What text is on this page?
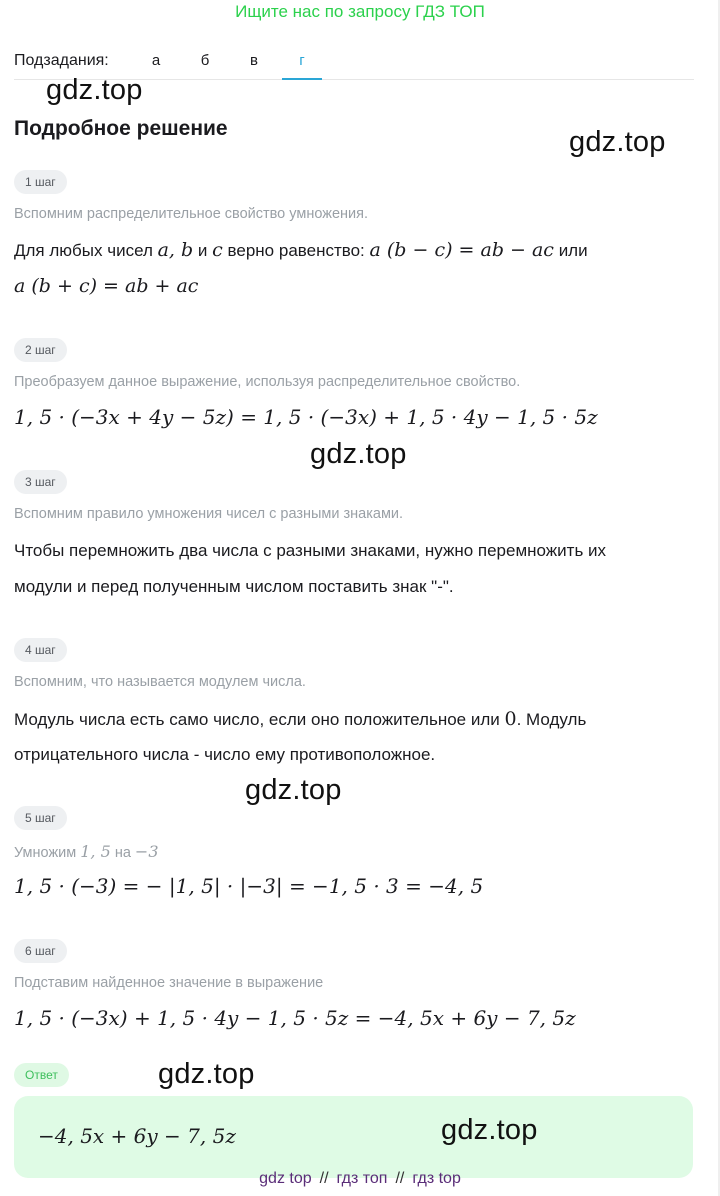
Ищите нас по запросу ГДЗ ТОП
Подзадания:	а	б	в	г
gdz.top
gdz.top
gdz.top
gdz.top
gdz.top
Подробное решение
1 шаг
Вспомним распределительное свойство умножения.
Для любых чисел a, b и c верно равенство: a (b − c) = ab − ac или
a (b + c) = ab + ac
2 шаг
Преобразуем данное выражение, используя распределительное свойство.
1, 5 · (−3x + 4y − 5z) = 1, 5 · (−3x) + 1, 5 · 4y − 1, 5 · 5z
3 шаг
Вспомним правило умножения чисел с разными знаками.
Чтобы перемножить два числа с разными знаками, нужно перемножить их
модули и перед полученным числом поставить знак "-".
4 шаг
Вспомним, что называется модулем числа.
Модуль числа есть само число, если оно положительное или 0. Модуль
отрицательного числа - число ему противоположное.
5 шаг
Умножим 1, 5 на −3
1, 5 · (−3) = − |1, 5| · |−3| = −1, 5 · 3 = −4, 5
6 шаг
Подставим найденное значение в выражение
1, 5 · (−3x) + 1, 5 · 4y − 1, 5 · 5z = −4, 5x + 6y − 7, 5z
Ответ
−4, 5x + 6y − 7, 5z	gdz.top
gdz top // гдз топ // гдз top
